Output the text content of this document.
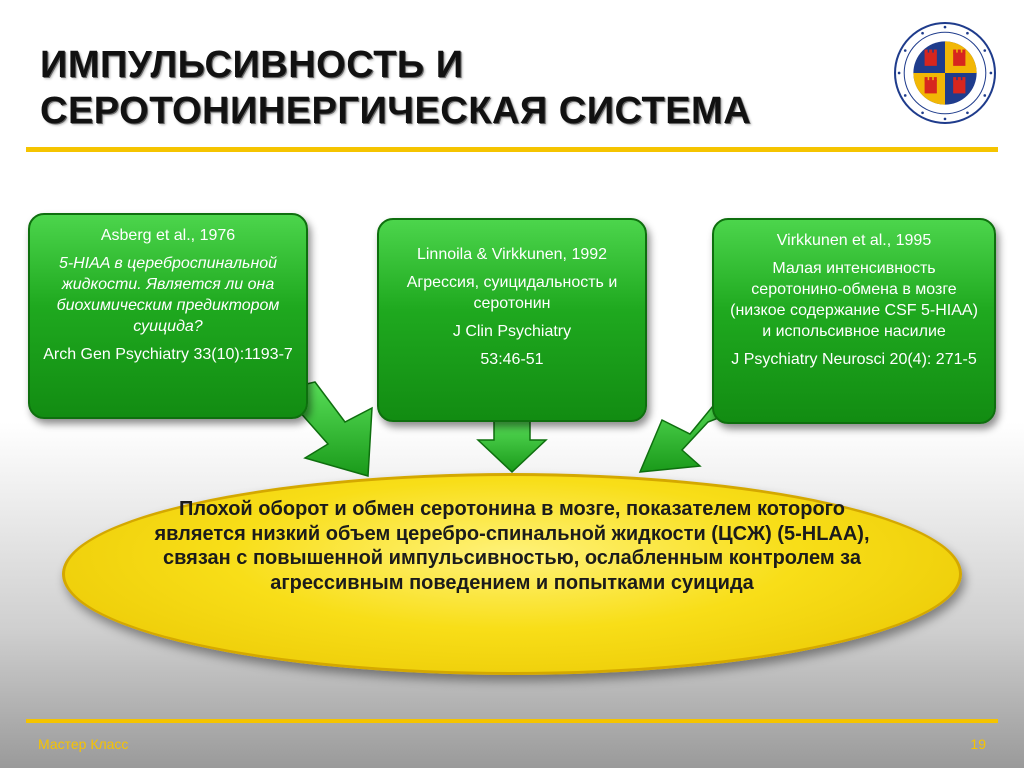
ИМПУЛЬСИВНОСТЬ И
СЕРОТОНИНЕРГИЧЕСКАЯ СИСТЕМА

Asberg et al., 1976

5-HIAA в цереброспинальной жидкости. Является ли она биохимическим предиктором суицида?

Arch Gen Psychiatry 33(10):1193-7

Linnoila & Virkkunen, 1992

Агрессия, суицидальность и серотонин

J Clin Psychiatry

53:46-51

Virkkunen et al., 1995

Малая интенсивность серотонино-обмена в мозге (низкое содержание CSF 5-HIAA) и испольсивное насилие

J Psychiatry Neurosci 20(4): 271-5

Плохой оборот и обмен серотонина в мозге, показателем которого является низкий объем церебро-спинальной жидкости (ЦСЖ) (5-HLAA), связан с повышенной импульсивностью, ослабленным контролем за агрессивным поведением и попытками суицида
Мастер Класс	19
